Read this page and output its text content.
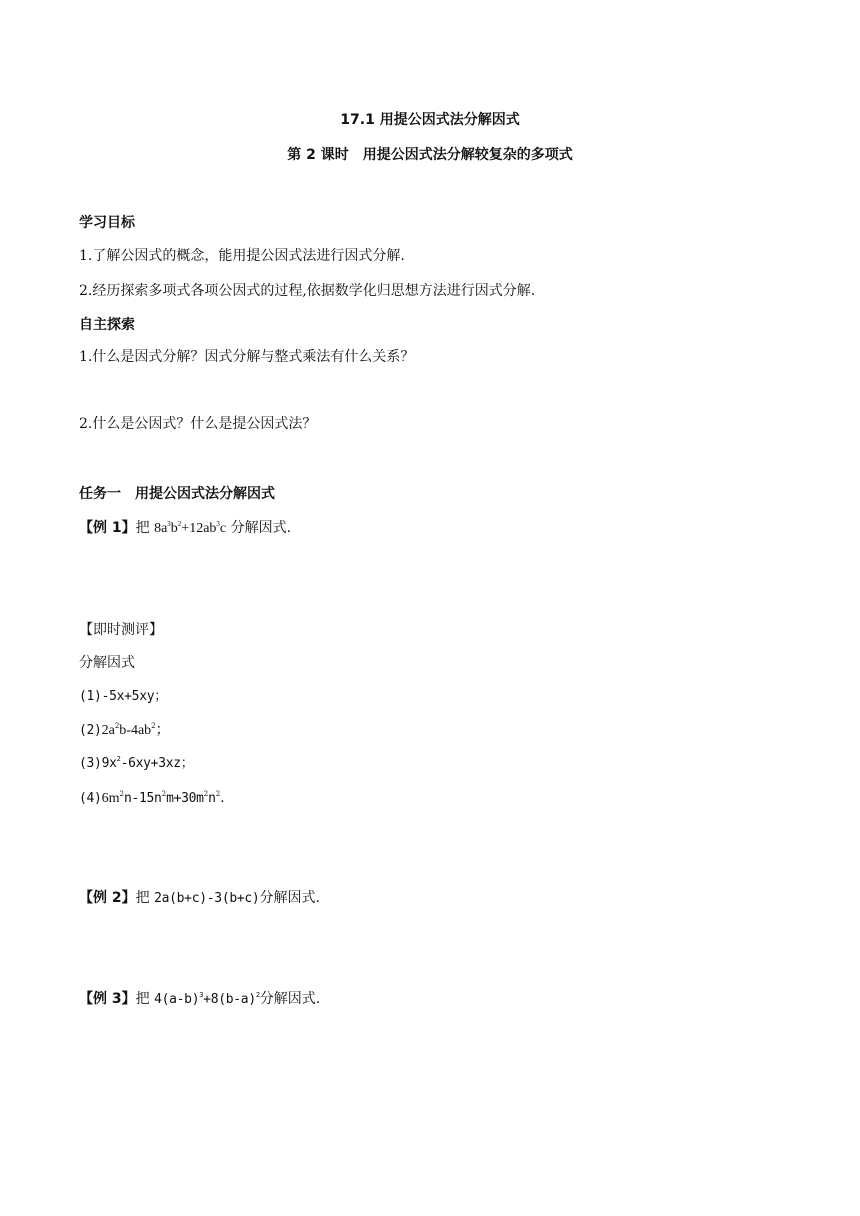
17.1 用提公因式法分解因式
第 2 课时　用提公因式法分解较复杂的多项式
学习目标
1.了解公因式的概念，能用提公因式法进行因式分解.
2.经历探索多项式各项公因式的过程,依据数学化归思想方法进行因式分解.
自主探索
1.什么是因式分解？因式分解与整式乘法有什么关系？
2.什么是公因式？什么是提公因式法？
任务一　用提公因式法分解因式
【例 1】把 $8a^3b^2+12ab^3c$ 分解因式.
【即时测评】
分解因式
(1)-5x+5xy；
$(2)2a^2b-4ab^2$；
$(3)9x^2-6xy+3xz$；
$(4)6m^2n-15n^2m+30m^2n^2$.
【例 2】把 2a(b+c)-3(b+c)分解因式.
【例 3】把 $4(a-b)^3+8(b-a)^2$分解因式.
